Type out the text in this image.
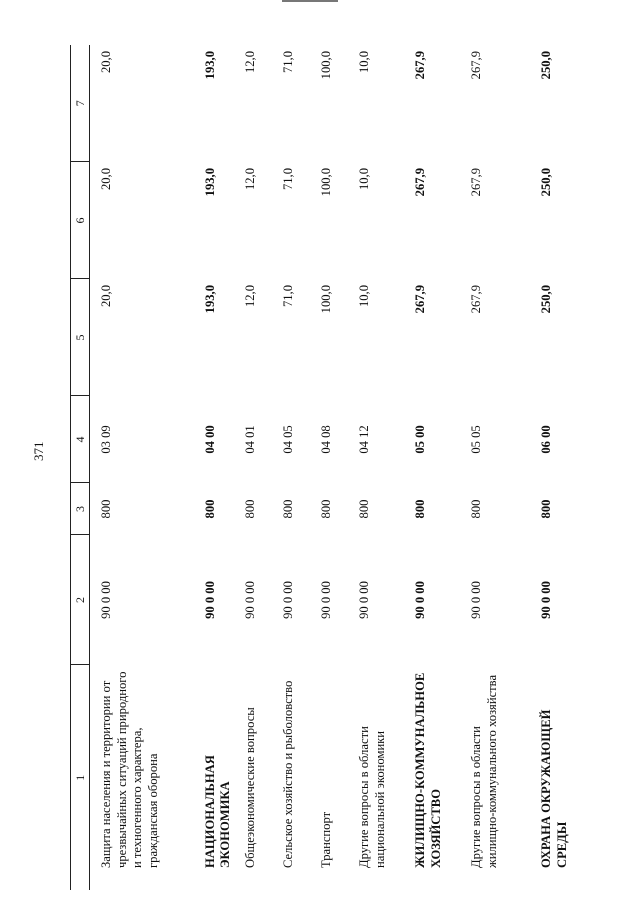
371
1	2	3	4	5	6	7
Защита населения и территории от чрезвычайных ситуаций природного и техногенного характера, гражданская оборона	90 0 00	800	03 09	20,0	20,0	20,0
НАЦИОНАЛЬНАЯ ЭКОНОМИКА	90 0 00	800	04 00	193,0	193,0	193,0
Общеэкономические вопросы	90 0 00	800	04 01	12,0	12,0	12,0
Сельское хозяйство и рыболовство	90 0 00	800	04 05	71,0	71,0	71,0
Транспорт	90 0 00	800	04 08	100,0	100,0	100,0
Другие вопросы в области национальной экономики	90 0 00	800	04 12	10,0	10,0	10,0
ЖИЛИЩНО-КОММУНАЛЬНОЕ ХОЗЯЙСТВО	90 0 00	800	05 00	267,9	267,9	267,9
Другие вопросы в области жилищно-коммунального хозяйства	90 0 00	800	05 05	267,9	267,9	267,9
ОХРАНА ОКРУЖАЮЩЕЙ СРЕДЫ	90 0 00	800	06 00	250,0	250,0	250,0
